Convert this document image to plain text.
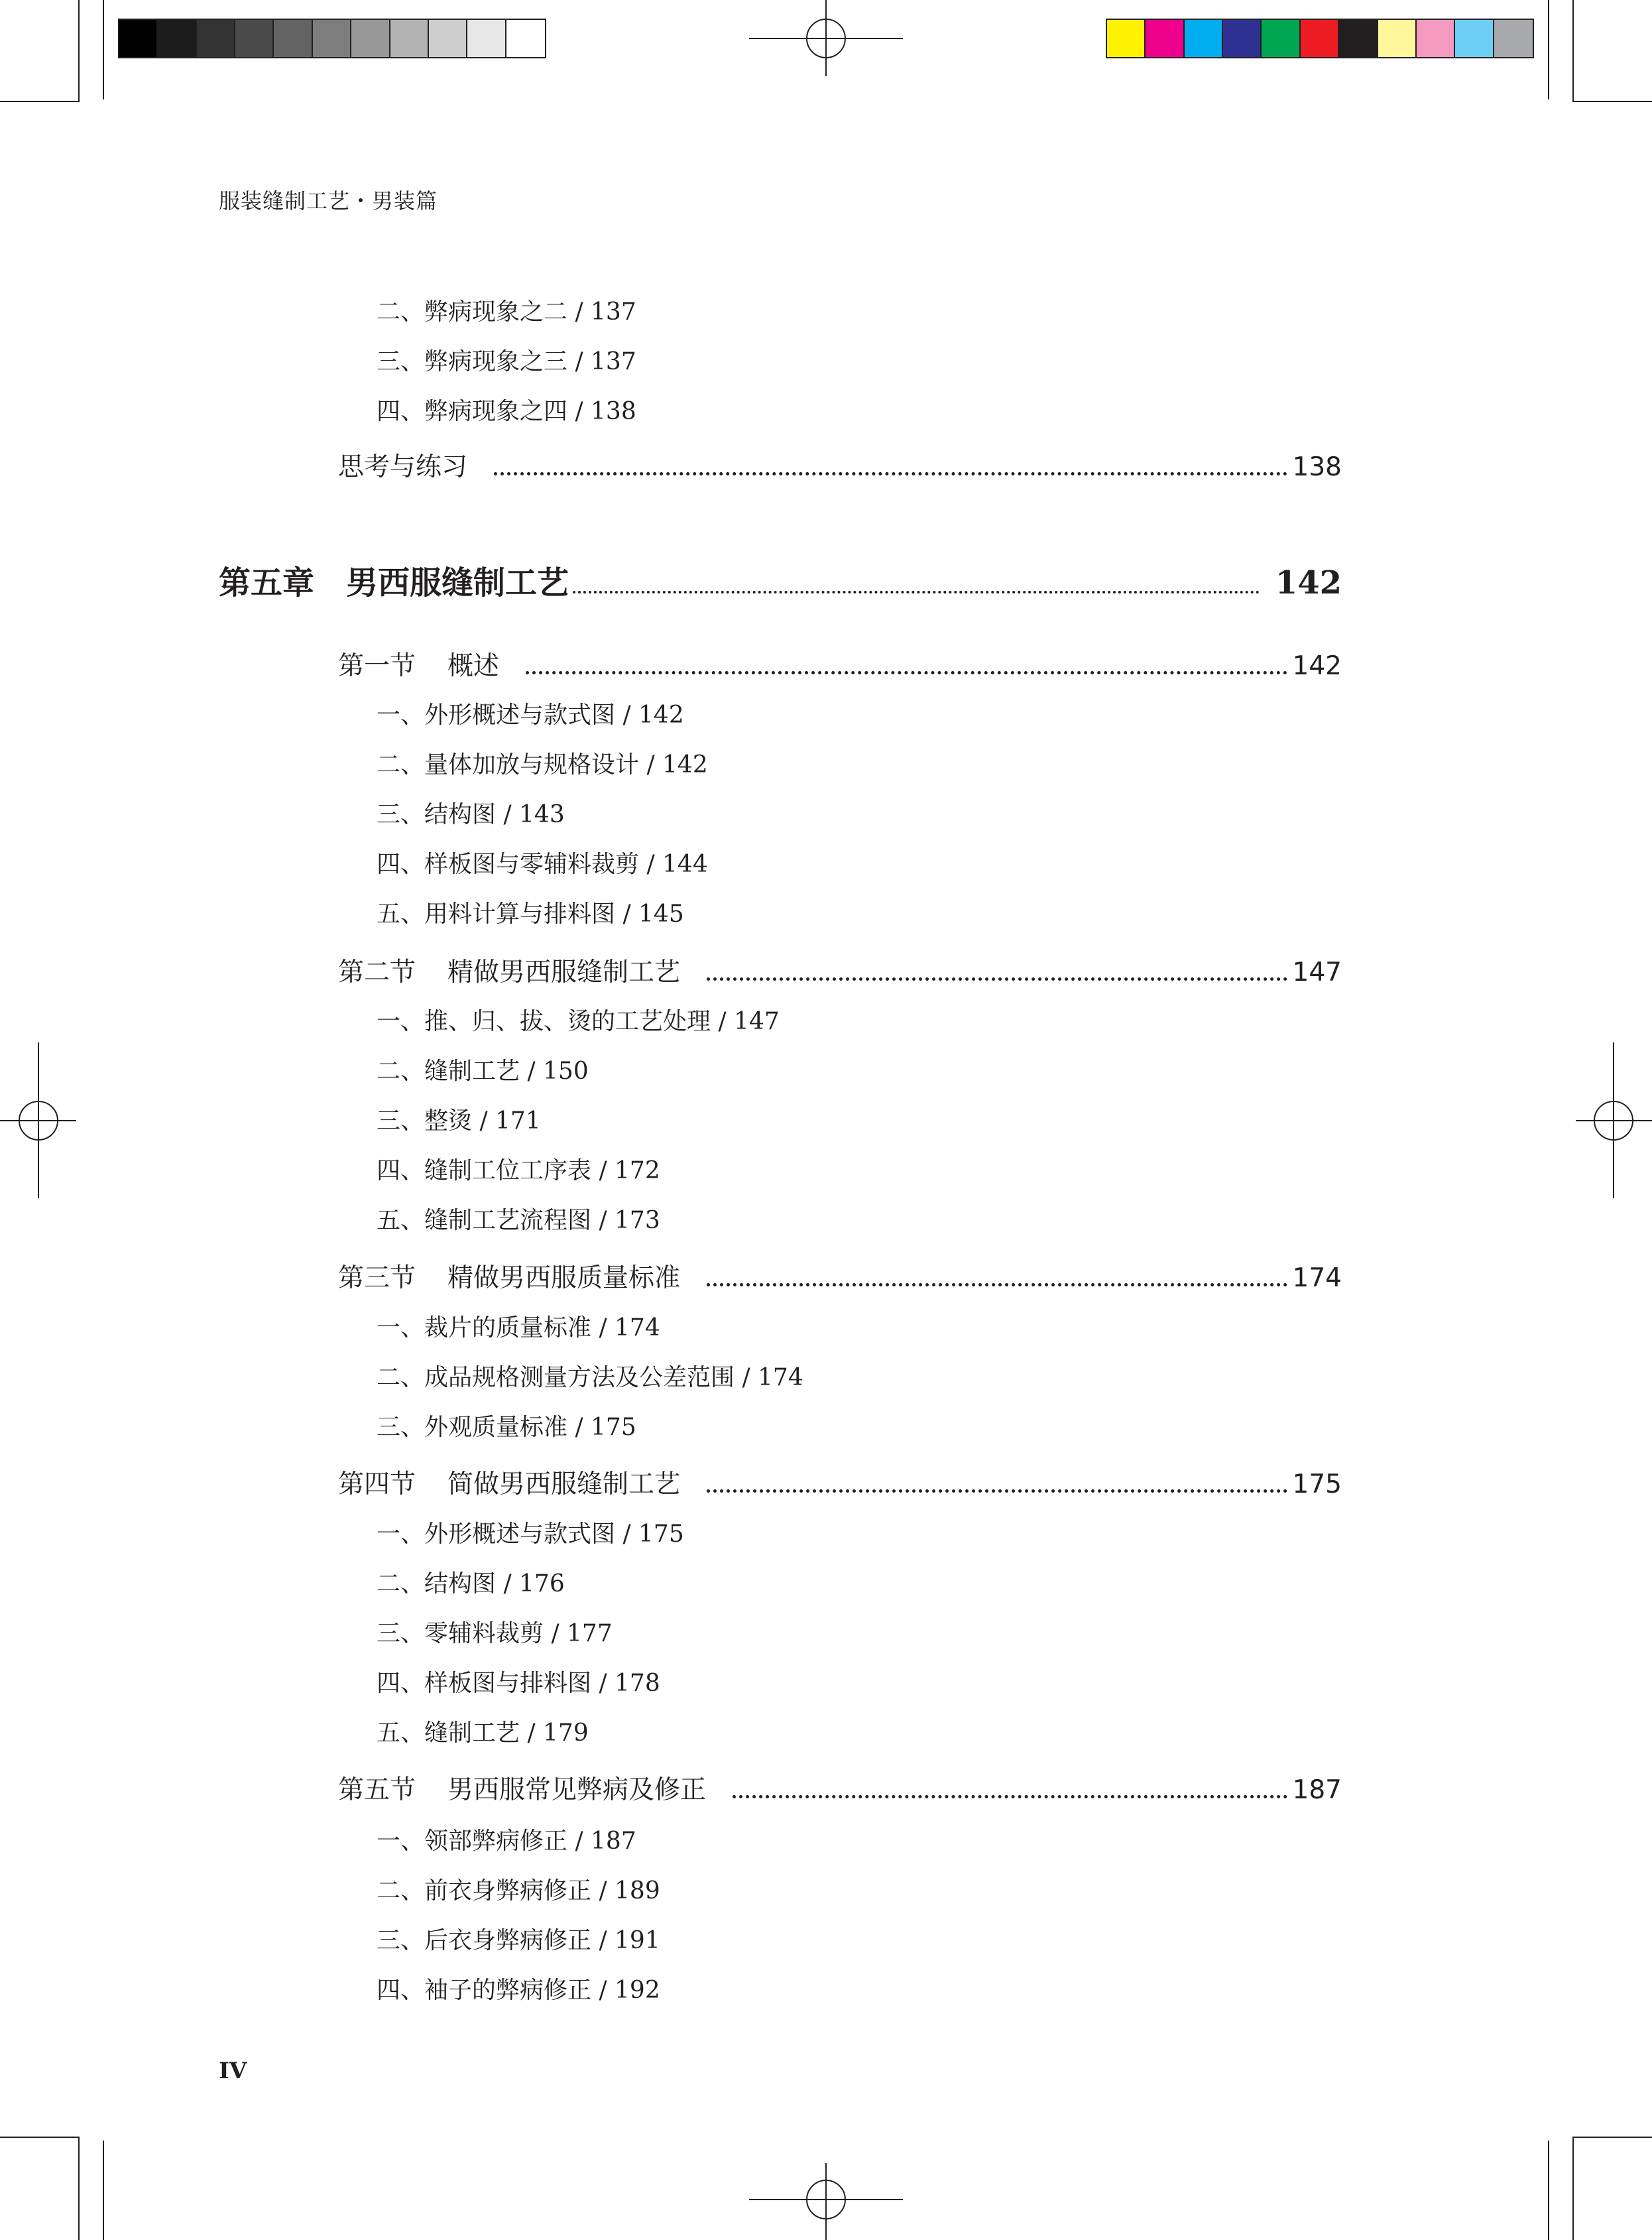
服装缝制工艺・男装篇
二、弊病现象之二 / 137
三、弊病现象之三 / 137
四、弊病现象之四 / 138
思考与练习	138
第五章 男西服缝制工艺	142
第一节 概述	142
一、外形概述与款式图 / 142
二、量体加放与规格设计 / 142
三、结构图 / 143
四、样板图与零辅料裁剪 / 144
五、用料计算与排料图 / 145
第二节 精做男西服缝制工艺	147
一、推、归、拔、烫的工艺处理 / 147
二、缝制工艺 / 150
三、整烫 / 171
四、缝制工位工序表 / 172
五、缝制工艺流程图 / 173
第三节 精做男西服质量标准	174
一、裁片的质量标准 / 174
二、成品规格测量方法及公差范围 / 174
三、外观质量标准 / 175
第四节 简做男西服缝制工艺	175
一、外形概述与款式图 / 175
二、结构图 / 176
三、零辅料裁剪 / 177
四、样板图与排料图 / 178
五、缝制工艺 / 179
第五节 男西服常见弊病及修正	187
一、领部弊病修正 / 187
二、前衣身弊病修正 / 189
三、后衣身弊病修正 / 191
四、袖子的弊病修正 / 192
IV
